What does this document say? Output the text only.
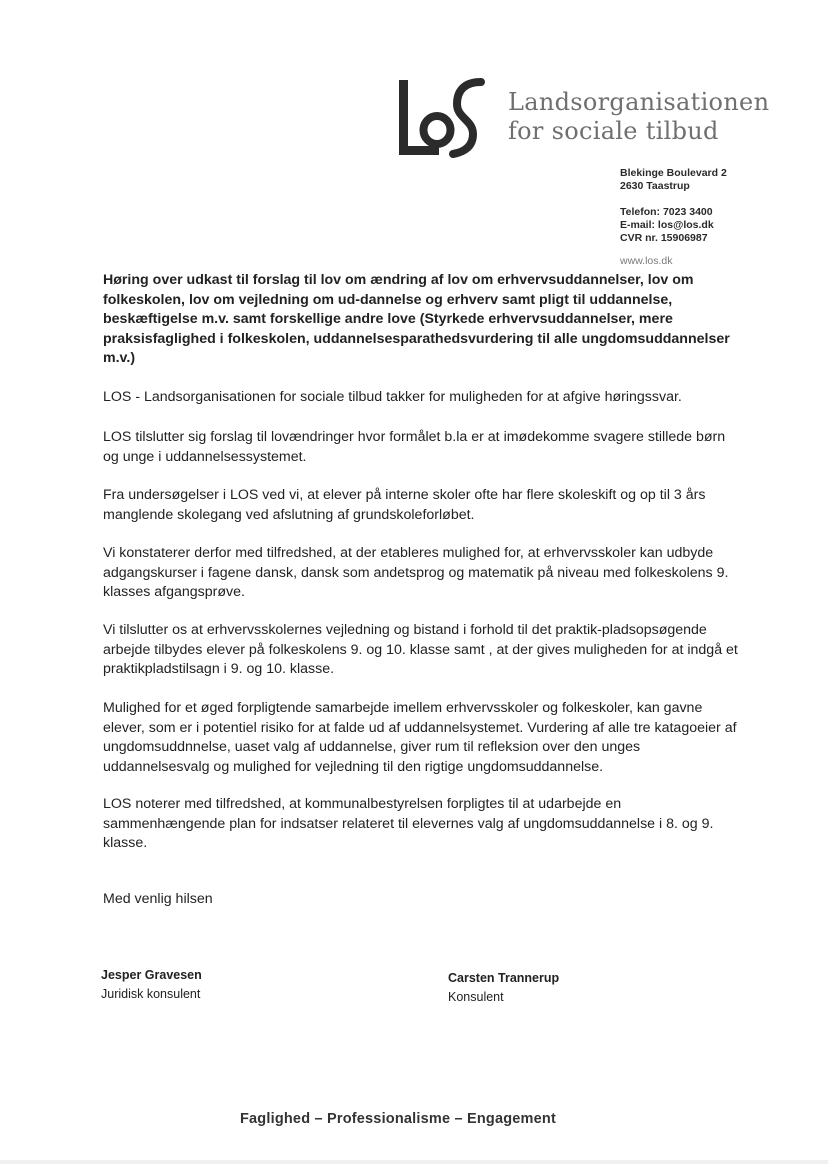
Landsorganisationen
for sociale tilbud
Blekinge Boulevard 2
2630 Taastrup
Telefon: 7023 3400
E-mail: los@los.dk
CVR nr. 15906987
www.los.dk
Høring over udkast til forslag til lov om ændring af lov om erhvervsuddannelser, lov om folkeskolen, lov om vejledning om ud-dannelse og erhverv samt pligt til uddannelse, beskæftigelse m.v. samt forskellige andre love (Styrkede erhvervsuddannelser, mere praksisfaglighed i folkeskolen, uddannelsesparathedsvurdering til alle ungdomsuddannelser m.v.)
LOS - Landsorganisationen for sociale tilbud takker for muligheden for at afgive høringssvar.
LOS tilslutter sig forslag til lovændringer hvor formålet b.la er at imødekomme svagere stillede børn og unge i uddannelsessystemet.
Fra undersøgelser i LOS ved vi, at elever på interne skoler ofte har flere skoleskift og op til 3 års manglende skolegang ved afslutning af grundskoleforløbet.
Vi konstaterer derfor med tilfredshed, at der etableres mulighed for, at erhvervsskoler kan udbyde adgangskurser i fagene dansk, dansk som andetsprog og matematik på niveau med folkeskolens 9. klasses afgangsprøve.
Vi tilslutter os at erhvervsskolernes vejledning og bistand i forhold til det praktik-pladsopsøgende arbejde tilbydes elever på folkeskolens 9. og 10. klasse samt , at der gives muligheden for at indgå et praktikpladstilsagn i 9. og 10. klasse.
Mulighed for et øged forpligtende samarbejde imellem erhvervsskoler og folkeskoler, kan gavne elever, som er i potentiel risiko for at falde ud af uddannelsystemet. Vurdering af alle tre katagoeier af ungdomsuddnnelse, uaset valg af uddannelse, giver rum til refleksion over den unges uddannelsesvalg og mulighed for vejledning til den rigtige ungdomsuddannelse.
LOS noterer med tilfredshed, at kommunalbestyrelsen forpligtes til at udarbejde en sammenhængende plan for indsatser relateret til elevernes valg af ungdomsuddannelse i 8. og 9. klasse.
Med venlig hilsen
Jesper Gravesen
Juridisk konsulent
Carsten Trannerup
Konsulent
Faglighed – Professionalisme – Engagement
